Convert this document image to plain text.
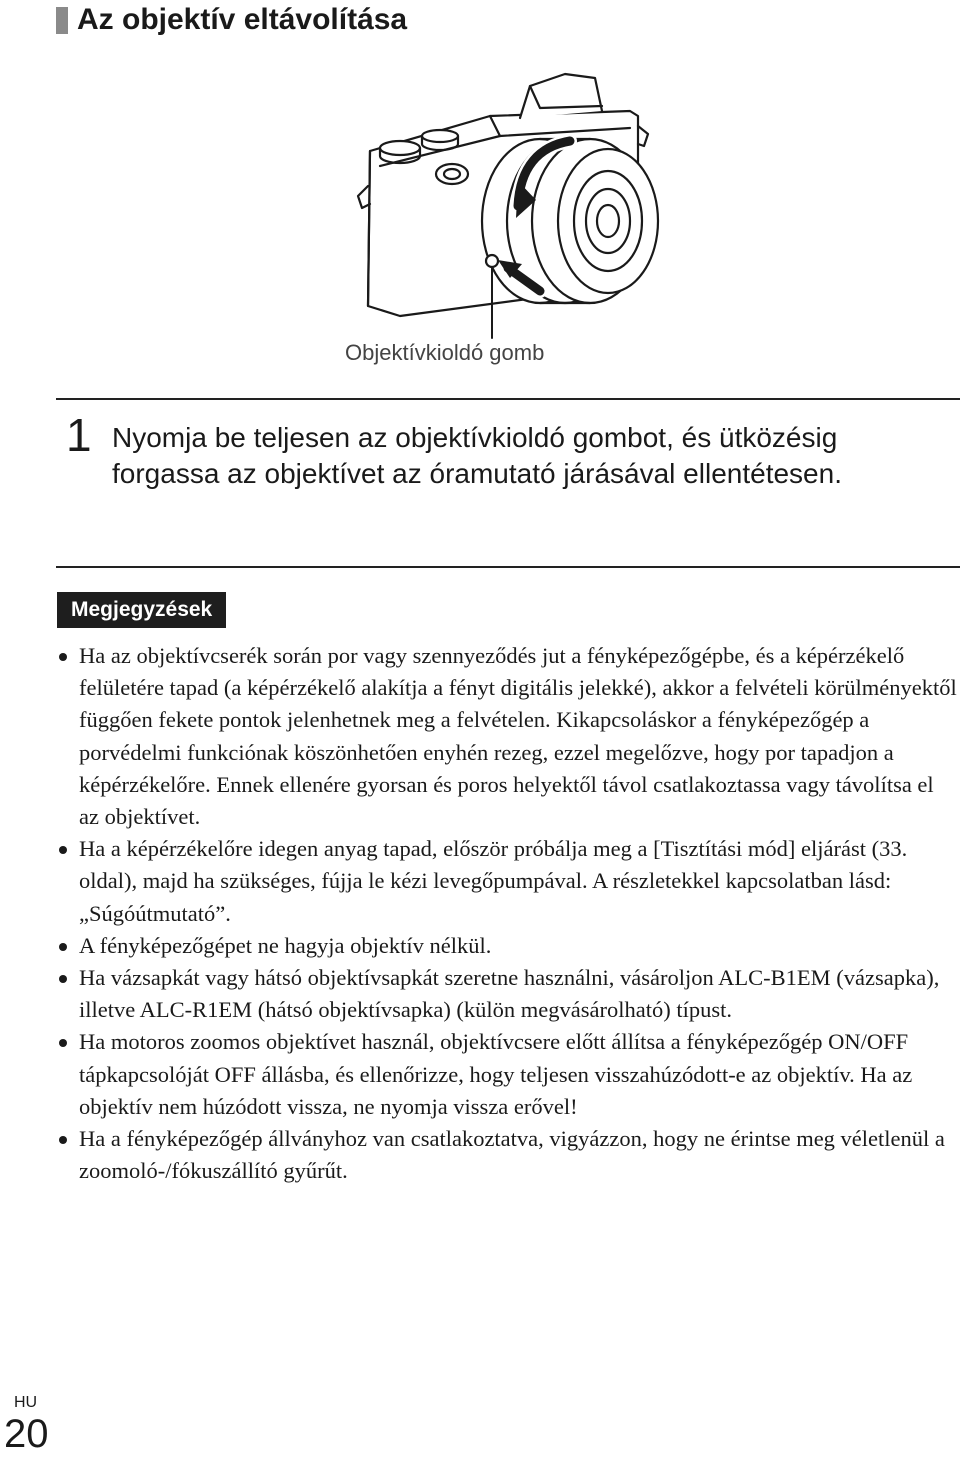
Az objektív eltávolítása
Objektívkioldó gomb
1 Nyomja be teljesen az objektívkioldó gombot, és ütközésig forgassa az objektívet az óramutató járásával ellentétesen.
Megjegyzések
Ha az objektívcserék során por vagy szennyeződés jut a fényképezőgépbe, és a képérzékelő felületére tapad (a képérzékelő alakítja a fényt digitális jelekké), akkor a felvételi körülményektől függően fekete pontok jelenhetnek meg a felvételen. Kikapcsoláskor a fényképezőgép a porvédelmi funkciónak köszönhetően enyhén rezeg, ezzel megelőzve, hogy por tapadjon a képérzékelőre. Ennek ellenére gyorsan és poros helyektől távol csatlakoztassa vagy távolítsa el az objektívet.
Ha a képérzékelőre idegen anyag tapad, először próbálja meg a [Tisztítási mód] eljárást (33. oldal), majd ha szükséges, fújja le kézi levegőpumpával. A részletekkel kapcsolatban lásd: „Súgóútmutató”.
A fényképezőgépet ne hagyja objektív nélkül.
Ha vázsapkát vagy hátsó objektívsapkát szeretne használni, vásároljon ALC-B1EM (vázsapka), illetve ALC-R1EM (hátsó objektívsapka) (külön megvásárolható) típust.
Ha motoros zoomos objektívet használ, objektívcsere előtt állítsa a fényképezőgép ON/OFF tápkapcsolóját OFF állásba, és ellenőrizze, hogy teljesen visszahúzódott-e az objektív. Ha az objektív nem húzódott vissza, ne nyomja vissza erővel!
Ha a fényképezőgép állványhoz van csatlakoztatva, vigyázzon, hogy ne érintse meg véletlenül a zoomoló-/fókuszállító gyűrűt.
HU
20
